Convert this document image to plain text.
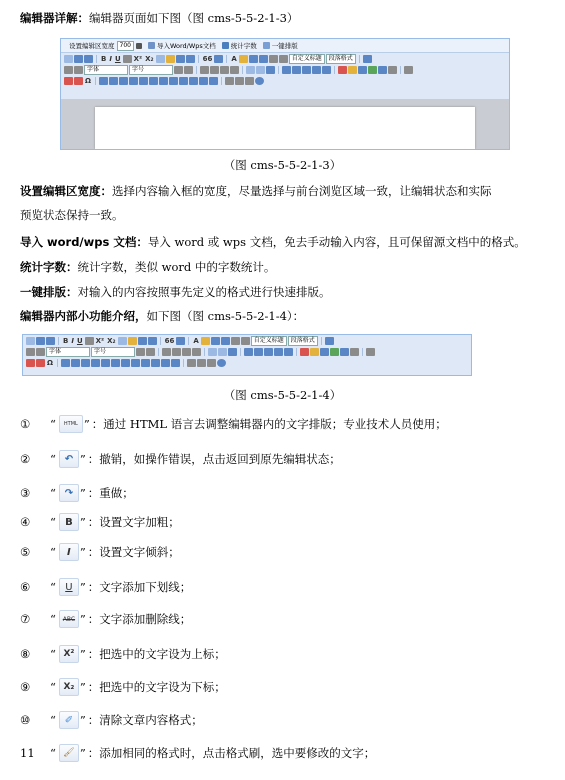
编辑器详解：编辑器页面如下图（图 cms-5-5-2-1-3）
设置编辑区宽度 700	导入Word/Wps文档 统计字数 一键排版
B I U X² X₂	66	A	自定义标题	段落格式
字体	字号
Ω
（图 cms-5-5-2-1-3）
设置编辑区宽度：选择内容输入框的宽度，尽量选择与前台浏览区域一致，让编辑状态和实际
预览状态保持一致。
导入 word/wps 文档：导入 word 或 wps 文档，免去手动输入内容，且可保留源文档中的格式。
统计字数：统计字数，类似 word 中的字数统计。
一键排版：对输入的内容按照事先定义的格式进行快速排版。
编辑器内部小功能介绍，如下图（图 cms-5-5-2-1-4）：
B I U X² X₂	66	A	自定义标题	段落格式
字体	字号
Ω
（图 cms-5-5-2-1-4）
①	“	HTML ” ：通过 HTML 语言去调整编辑器内的文字排版；专业技术人员使用；
②	“ ↶ ” ：撤销，如操作错误，点击返回到原先编辑状态；
③	“ ↷ ” ：重做；
④	“ B ” ：设置文字加粗；
⑤	“	I ” ：设置文字倾斜；
⑥	“ U ” ：文字添加下划线；
⑦	“	ABC ” ：文字添加删除线；
⑧	“ X² ” ：把选中的文字设为上标；
⑨	“ X₂ ” ：把选中的文字设为下标；
⑩	“ ✐ ” ：清除文章内容格式；
11	“ 🖌 ” ：添加相同的格式时，点击格式刷，选中要修改的文字；
